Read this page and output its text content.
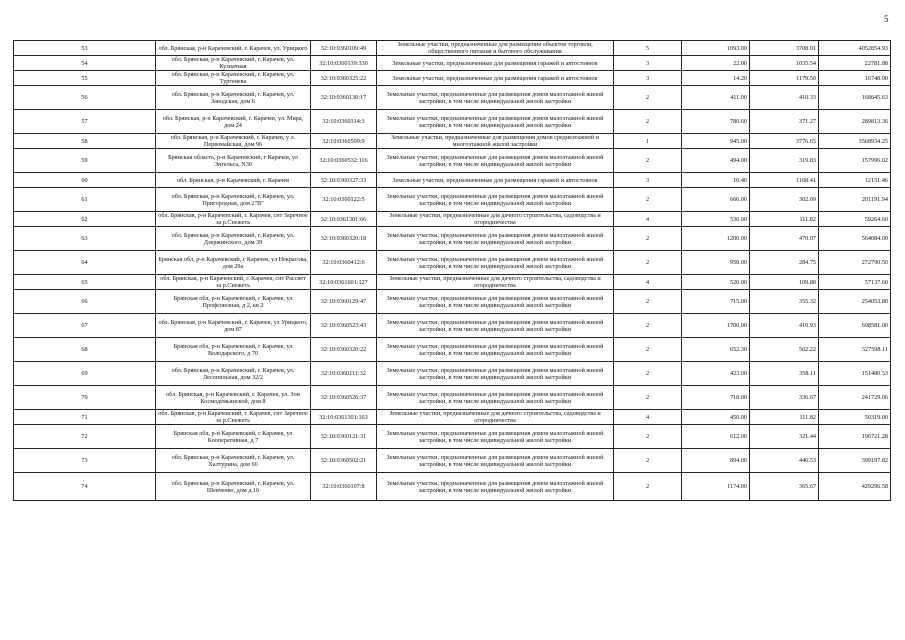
5
53	обл. Брянская, р-н Карачевский, г. Карачев, ул. Урицкого	32:10:0360109:49	Земельные участки, предназначенные для размещения объектов торговли, общественного питания и бытового обслуживания	5	1093.00	3708.01	4052854.93
54	обл. Брянская, р-н Карачевский, г. Карачев, ул. Кузначная	32:10:0360139:330	Земельные участки, предназначенные для размещения гаражей и автостоянок	3	22.00	1035.54	22781.88
55	обл. Брянская, р-н Карачевский, г. Карачев, ул. Тургенева	32:10:0360325:22	Земельные участки, предназначенные для размещения гаражей и автостоянок	3	14.20	1179.50	16748.90
56	обл. Брянская, р-н Карачевский, г. Карачев, ул. Заводская, дом 6	32:10:0360130:17	Земельные участки, предназначенные для размещения домов малоэтажной жилой застройки, в том числе индивидуальной жилой застройки	2	411.00	410.33	168645.63
57	обл. Брянская, р-н Карачевский, г. Карачев, ул. Мира, дом 24	32:10:0360314:3	Земельные участки, предназначенные для размещения домов малоэтажной жилой застройки, в том числе индивидуальной жилой застройки	2	780.60	371.27	289813.36
58	обл. Брянская, р-н Карачевский, г. Карачев, у л. Первомайская, дом 96	32:10:0360509:9	Земельные участки, предназначенные для размещения домов среднеэтажной и многоэтажной жилой застройки	1	945.00	3776.65	3568934.25
59	Брянская область, р-н Карачевский, г Карачев, ул Энгельса, N30	32:10:0360532:116	Земельные участки, предназначенные для размещения домов малоэтажной жилой застройки, в том числе индивидуальной жилой застройки	2	494.00	319.83	157996.02
60	обл. Брянская, р-н Карачевский, г. Карачев	32:10:0360327:33	Земельные участки, предназначенные для размещения гаражей и автостоянок	3	10.40	1168.41	12151.46
61	обл. Брянская, р-н Карачевский, г. Карачев, ул. Пригородная, дом 2"В"	32:10:0360122:5	Земельные участки, предназначенные для размещения домов малоэтажной жилой застройки, в том числе индивидуальной жилой застройки	2	666.00	302.09	201191.94
62	обл. Брянская, р-н Карачевский, г. Карачев, снт Заречное за р.Снежеть	32:10:0361301:66	Земельные участки, предназначенные для дачного строительства, садоводства и огородничества	4	530.00	111.82	59264.60
63	обл. Брянская, р-н Карачевский, г. Карачев, ул. Дзержинского, дом 39	32:10:0360320:18	Земельные участки, предназначенные для размещения домов малоэтажной жилой застройки, в том числе индивидуальной жилой застройки	2	1200.00	470.07	564084.00
64	Брянская обл, р-н Карачевский, г Карачев, ул Некрасова, дом 29а	32:10:0360412:6	Земельные участки, предназначенные для размещения домов малоэтажной жилой застройки, в том числе индивидуальной жилой застройки	2	958.00	284.75	272790.50
65	обл. Брянская, р-н Карачевский, г. Карачев, снт Рассвет за р.Снежеть	32:10:0361601:127	Земельные участки, предназначенные для дачного строительства, садоводства и огородничества	4	520.00	109.88	57137.60
66	Брянская обл, р-н Карачевский, г Карачев, ул Профсоюзная, д 2, кв 2	32:10:0360129:47	Земельные участки, предназначенные для размещения домов малоэтажной жилой застройки, в том числе индивидуальной жилой застройки	2	715.00	355.32	254053.80
67	обл. Брянская, р-н Карачевский, г. Карачев, ул Урицкого, дом 87	32:10:0360523:43	Земельные участки, предназначенные для размещения домов малоэтажной жилой застройки, в том числе индивидуальной жилой застройки	2	1700.00	410.93	698581.00
68	Брянская обл, р-н Карачевский, г Карачев, ул Володарского, д 70	32:10:0360320:22	Земельные участки, предназначенные для размещения домов малоэтажной жилой застройки, в том числе индивидуальной жилой застройки	2	652.30	502.22	327598.11
69	обл. Брянская, р-н Карачевский, г. Карачев, ул. Лесопильная, дом 32/2	32:10:0360111:32	Земельные участки, предназначенные для размещения домов малоэтажной жилой застройки, в том числе индивидуальной жилой застройки	2	423.00	358.11	151480.53
70	обл. Брянская, р-н Карачевский, г. Карачев, ул. Зои Космодемьянской, дом 8	32:10:0360526:37	Земельные участки, предназначенные для размещения домов малоэтажной жилой застройки, в том числе индивидуальной жилой застройки	2	718.00	336.67	241729.06
71	обл. Брянская, р-н Карачевский, г. Карачев, снт Заречное за р.Снежеть	32:10:0361301:163	Земельные участки, предназначенные для дачного строительства, садоводства и огородничества	4	450.00	111.82	50319.00
72	Брянская обл, р-н Карачевский, г Карачев, ул Кооперативная, д 7	32:10:0360121:31	Земельные участки, предназначенные для размещения домов малоэтажной жилой застройки, в том числе индивидуальной жилой застройки	2	612.00	321.44	196721.28
73	обл. Брянская, р-н Карачевский, г. Карачев, ул. Халтурина, дом 66	32:10:0360502:21	Земельные участки, предназначенные для размещения домов малоэтажной жилой застройки, в том числе индивидуальной жилой застройки	2	894.00	446.53	399197.82
74	обл. Брянская, р-н Карачевский, г. Карачев, ул. Шевченко, дом д.16	32:10:0360107:8	Земельные участки, предназначенные для размещения домов малоэтажной жилой застройки, в том числе индивидуальной жилой застройки	2	1174.00	365.67	429296.58
